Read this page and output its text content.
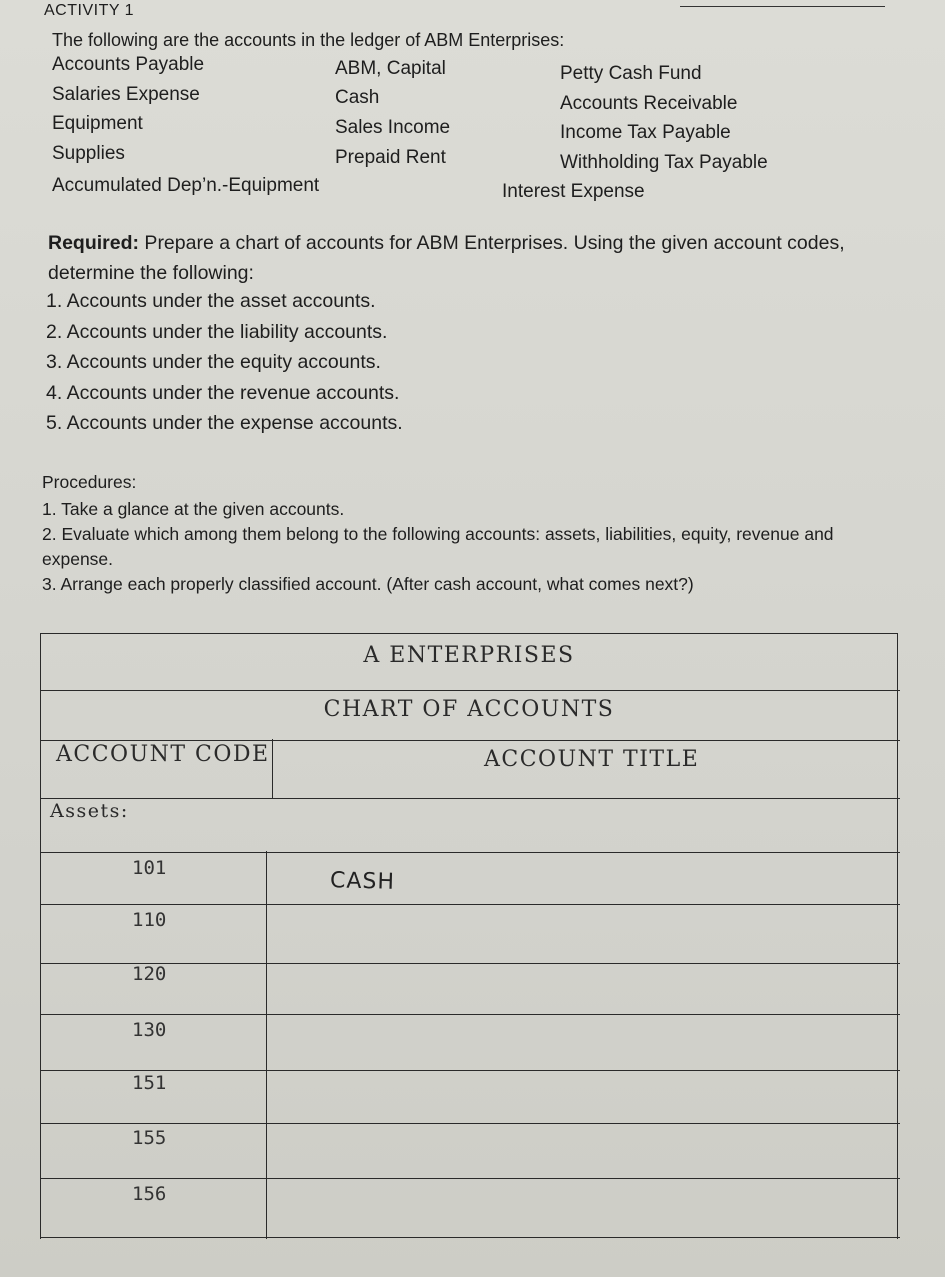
ACTIVITY 1
The following are the accounts in the ledger of ABM Enterprises:
Accounts Payable
Salaries Expense
Equipment
Supplies
Accumulated Dep’n.-Equipment
ABM, Capital
Cash
Sales Income
Prepaid Rent
Petty Cash Fund
Accounts Receivable
Income Tax Payable
Withholding Tax Payable
Interest Expense
Required: Prepare a chart of accounts for ABM Enterprises. Using the given account codes, determine the following:
1. Accounts under the asset accounts.
2. Accounts under the liability accounts.
3. Accounts under the equity accounts.
4. Accounts under the revenue accounts.
5. Accounts under the expense accounts.
Procedures:
1. Take a glance at the given accounts.
2. Evaluate which among them belong to the following accounts: assets, liabilities, equity, revenue and expense.
3. Arrange each properly classified account. (After cash account, what comes next?)
A ENTERPRISES
CHART OF ACCOUNTS
ACCOUNT CODE	ACCOUNT TITLE
Assets:
101
CASH
110
120
130
151
155
156
